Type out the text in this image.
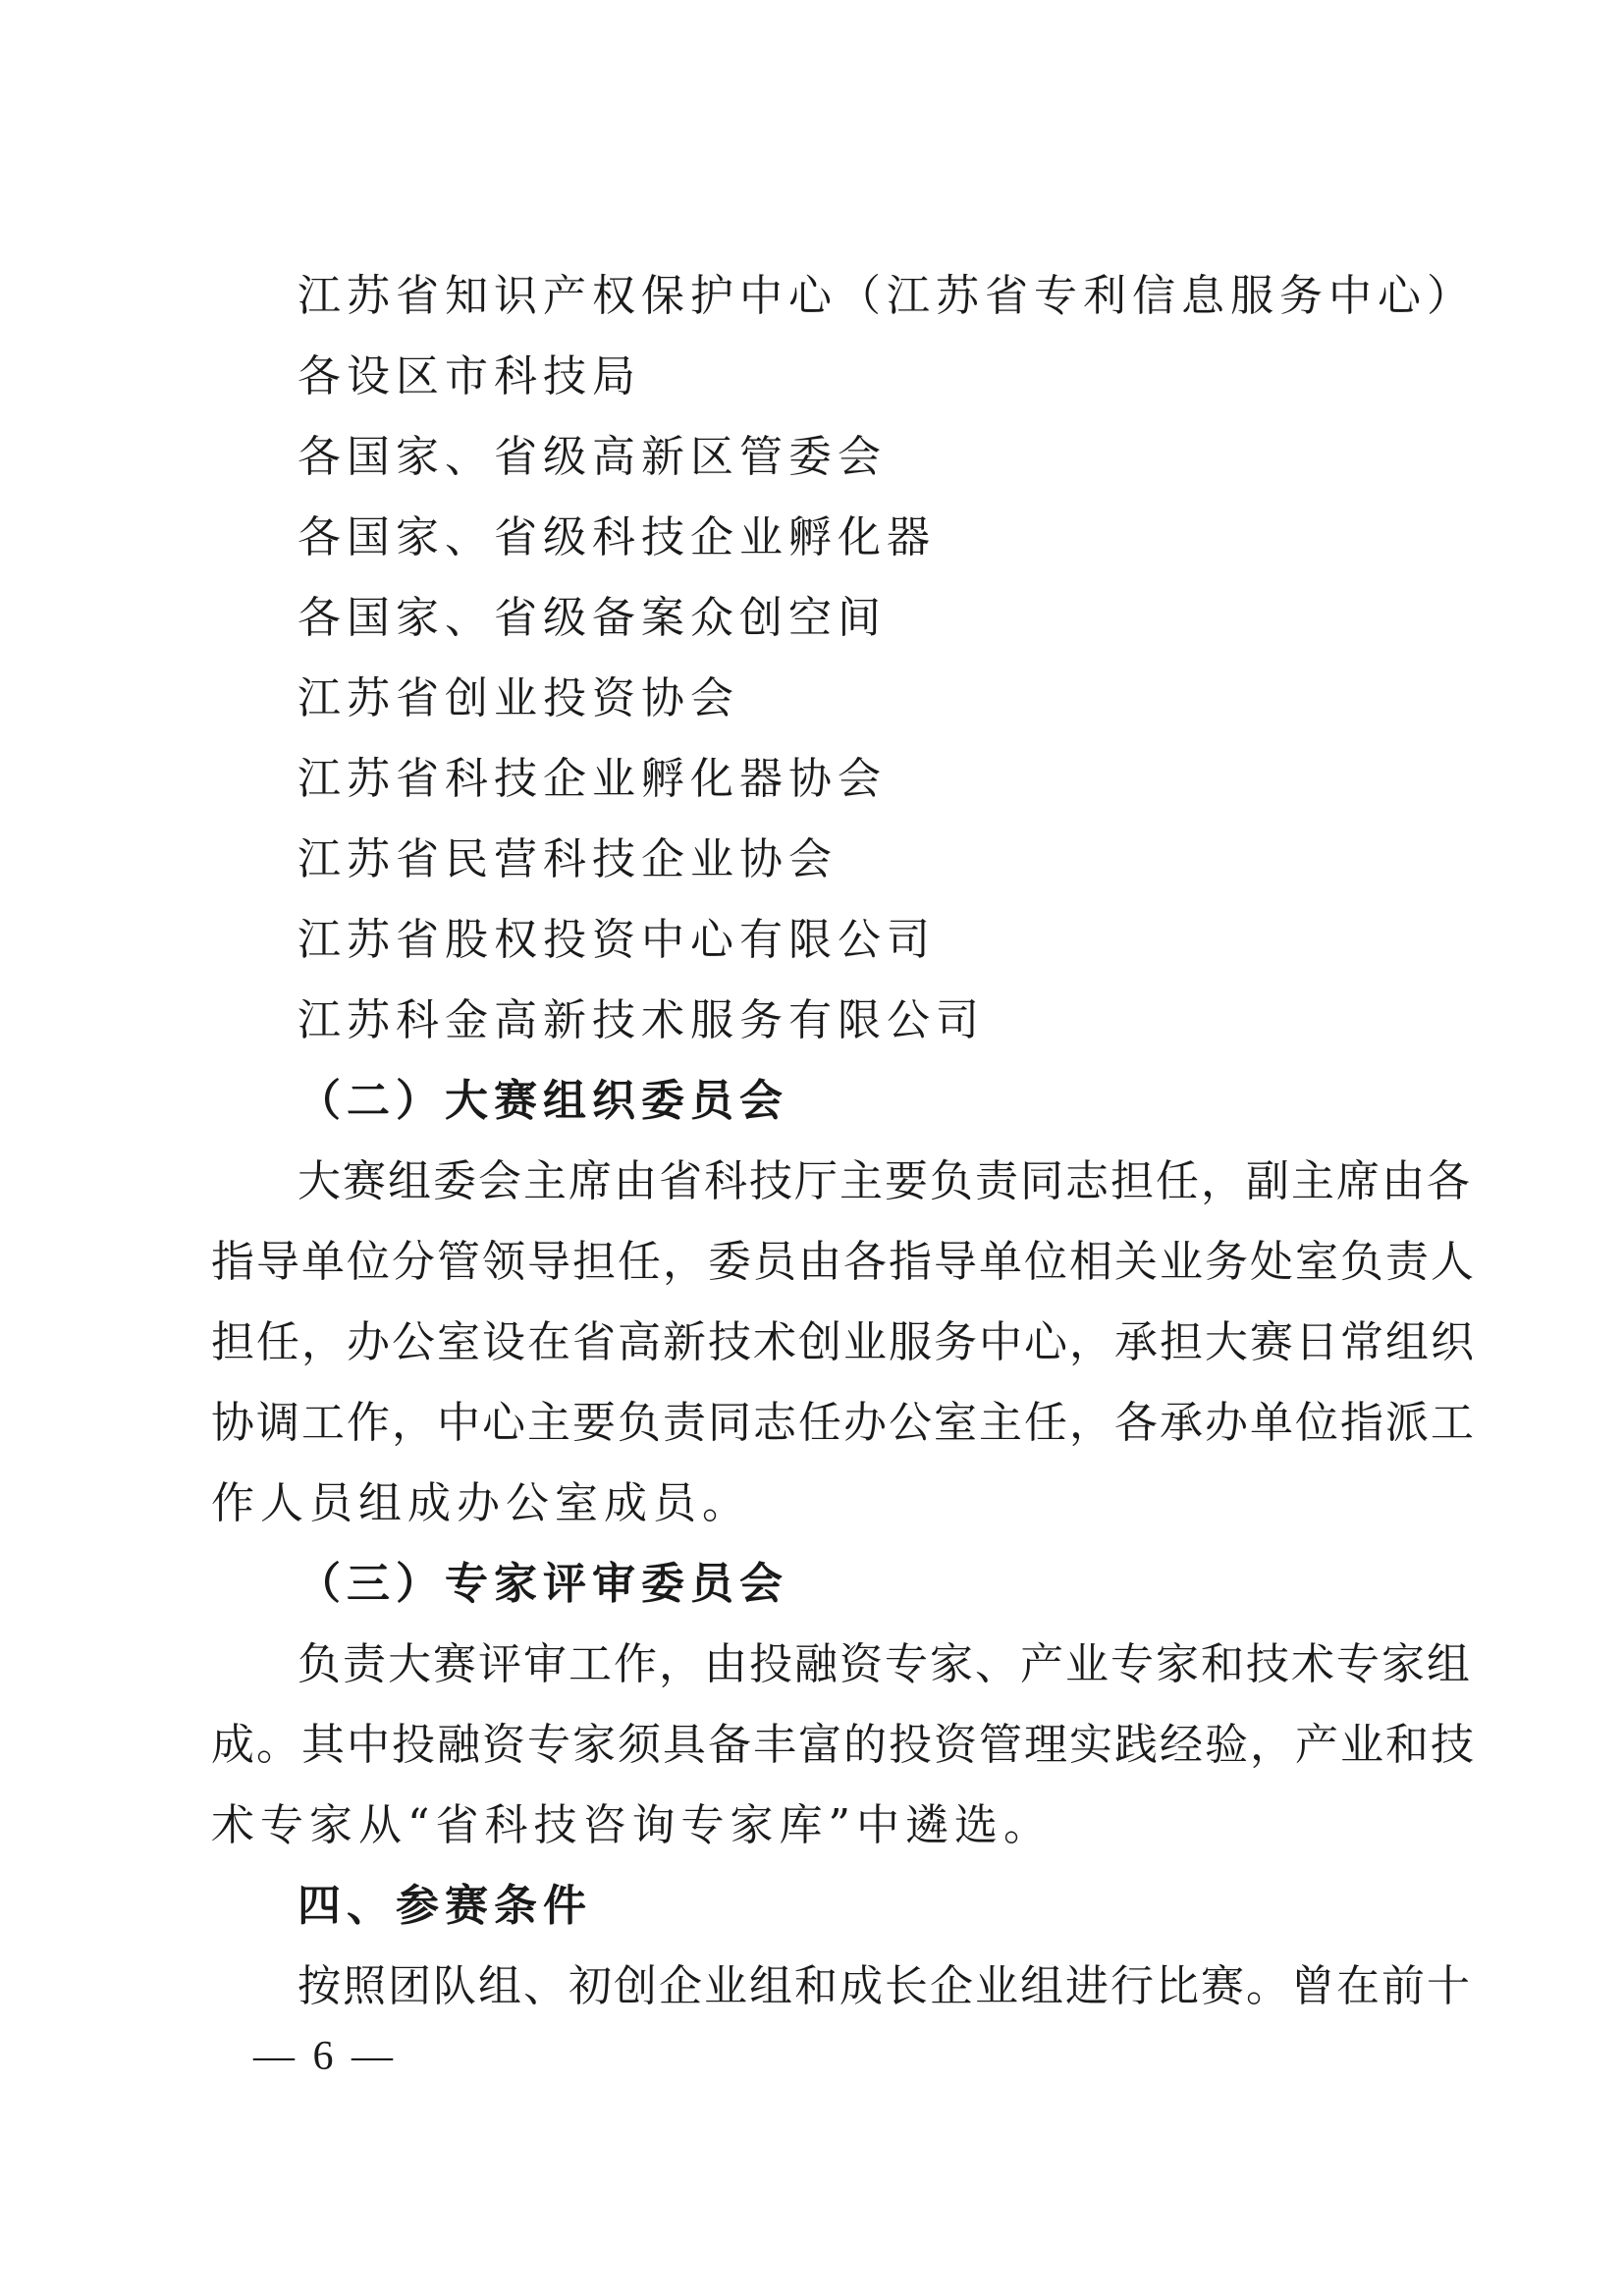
江苏省知识产权保护中心（江苏省专利信息服务中心）
各设区市科技局
各国家、省级高新区管委会
各国家、省级科技企业孵化器
各国家、省级备案众创空间
江苏省创业投资协会
江苏省科技企业孵化器协会
江苏省民营科技企业协会
江苏省股权投资中心有限公司
江苏科金高新技术服务有限公司
（二）大赛组织委员会
大赛组委会主席由省科技厅主要负责同志担任，副主席由各
指导单位分管领导担任，委员由各指导单位相关业务处室负责人
担任，办公室设在省高新技术创业服务中心，承担大赛日常组织
协调工作，中心主要负责同志任办公室主任，各承办单位指派工
作人员组成办公室成员。
（三）专家评审委员会
负责大赛评审工作，由投融资专家、产业专家和技术专家组
成。其中投融资专家须具备丰富的投资管理实践经验，产业和技
术专家从“省科技咨询专家库”中遴选。
四、参赛条件
按照团队组、初创企业组和成长企业组进行比赛。曾在前十
— 6 —
